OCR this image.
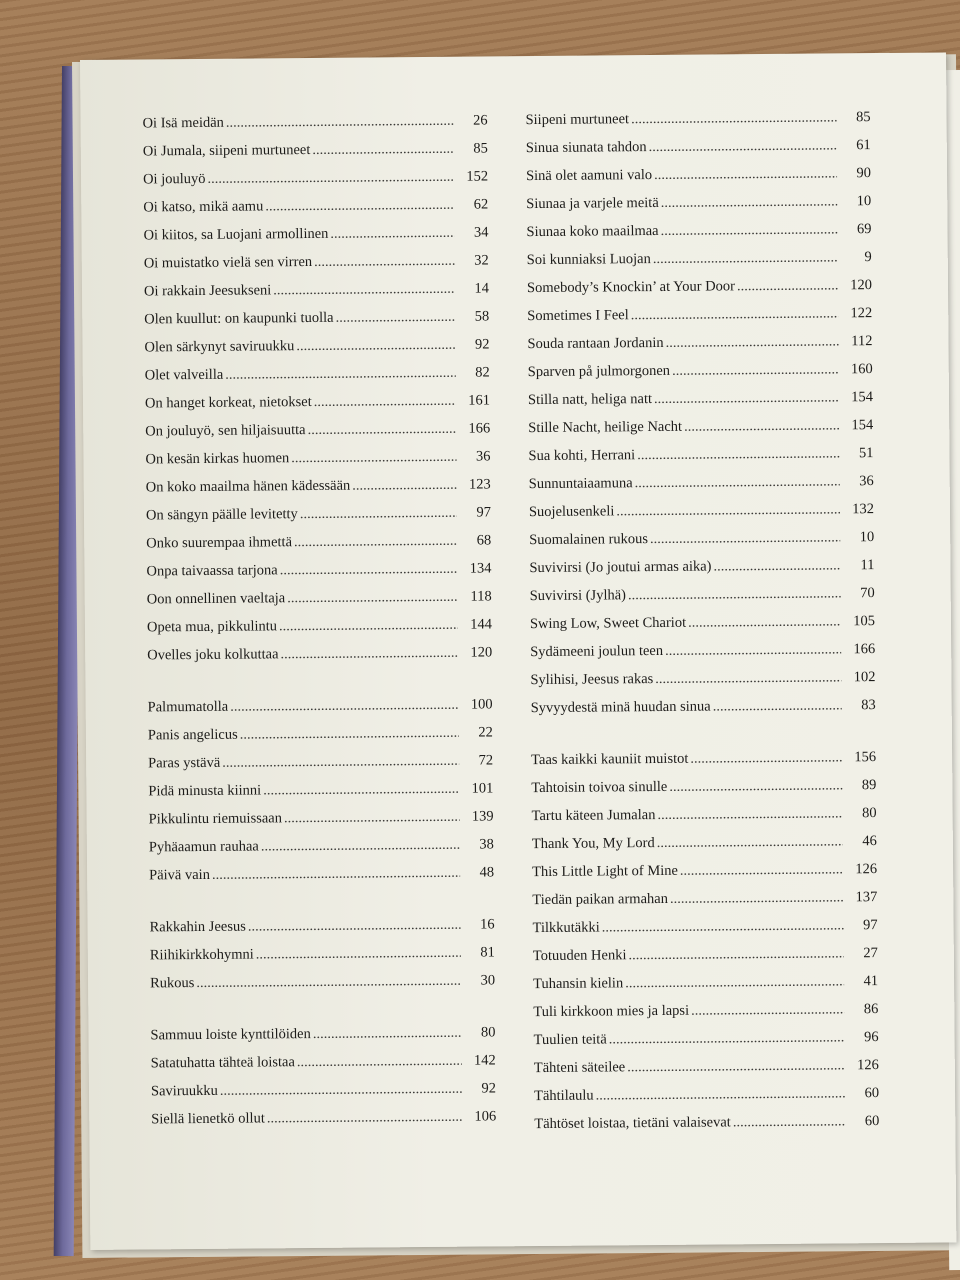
Oi Isä meidän .....	26
Oi Jumala, siipeni murtuneet .....	85
Oi jouluyö .....	152
Oi katso, mikä aamu .....	62
Oi kiitos, sa Luojani armollinen .....	34
Oi muistatko vielä sen virren .....	32
Oi rakkain Jeesukseni .....	14
Olen kuullut: on kaupunki tuolla .....	58
Olen särkynyt saviruukku .....	92
Olet valveilla .....	82
On hanget korkeat, nietokset .....	161
On jouluyö, sen hiljaisuutta .....	166
On kesän kirkas huomen .....	36
On koko maailma hänen kädessään .....	123
On sängyn päälle levitetty .....	97
Onko suurempaa ihmettä .....	68
Onpa taivaassa tarjona .....	134
Oon onnellinen vaeltaja .....	118
Opeta mua, pikkulintu .....	144
Ovelles joku kolkuttaa .....	120
Palmumatolla .....	100
Panis angelicus .....	22
Paras ystävä .....	72
Pidä minusta kiinni .....	101
Pikkulintu riemuissaan .....	139
Pyhäaamun rauhaa .....	38
Päivä vain .....	48
Rakkahin Jeesus .....	16
Riihikirkkohymni .....	81
Rukous .....	30
Sammuu loiste kynttilöiden .....	80
Satatuhatta tähteä loistaa .....	142
Saviruukku .....	92
Siellä lienetkö ollut .....	106
Siipeni murtuneet .....	85
Sinua siunata tahdon .....	61
Sinä olet aamuni valo .....	90
Siunaa ja varjele meitä .....	10
Siunaa koko maailmaa .....	69
Soi kunniaksi Luojan .....	9
Somebody’s Knockin’ at Your Door .....	120
Sometimes I Feel .....	122
Souda rantaan Jordanin .....	112
Sparven på julmorgonen .....	160
Stilla natt, heliga natt .....	154
Stille Nacht, heilige Nacht .....	154
Sua kohti, Herrani .....	51
Sunnuntaiaamuna .....	36
Suojelusenkeli .....	132
Suomalainen rukous .....	10
Suvivirsi (Jo joutui armas aika) .....	11
Suvivirsi (Jylhä) .....	70
Swing Low, Sweet Chariot .....	105
Sydämeeni joulun teen .....	166
Sylihisi, Jeesus rakas .....	102
Syvyydestä minä huudan sinua .....	83
Taas kaikki kauniit muistot .....	156
Tahtoisin toivoa sinulle .....	89
Tartu käteen Jumalan .....	80
Thank You, My Lord .....	46
This Little Light of Mine .....	126
Tiedän paikan armahan .....	137
Tilkkutäkki .....	97
Totuuden Henki .....	27
Tuhansin kielin .....	41
Tuli kirkkoon mies ja lapsi .....	86
Tuulien teitä .....	96
Tähteni säteilee .....	126
Tähtilaulu .....	60
Tähtöset loistaa, tietäni valaisevat .....	60
